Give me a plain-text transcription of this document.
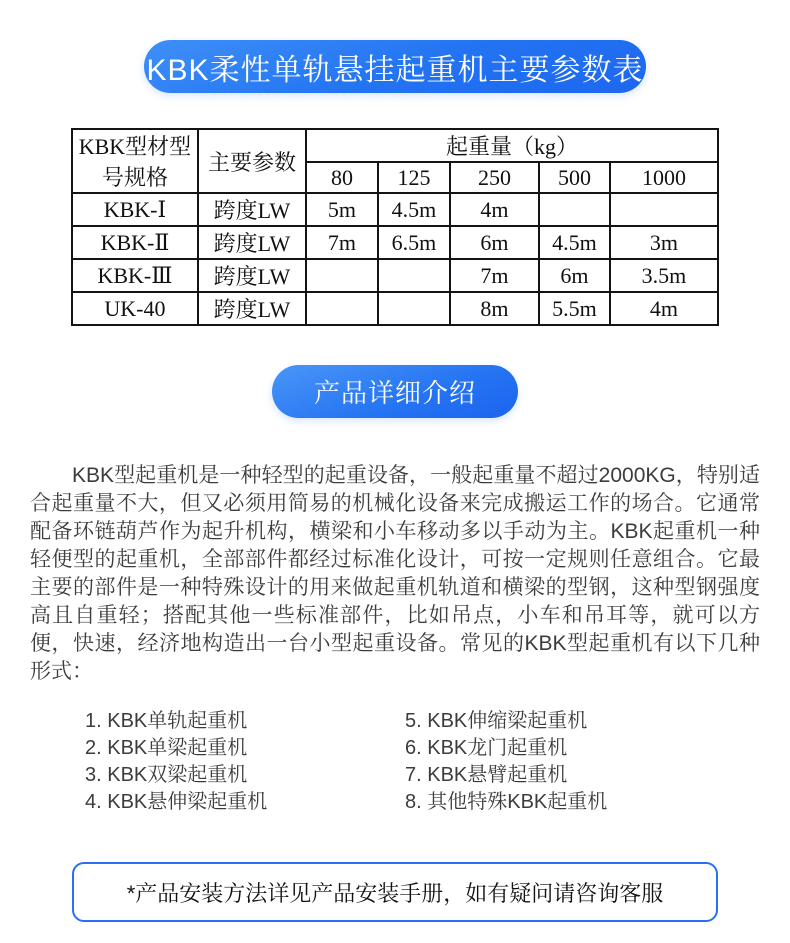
KBK柔性单轨悬挂起重机主要参数表
KBK型材型号规格	主要参数	起重量（kg）				
		80	125	250	500	1000
KBK-Ⅰ	跨度LW	5m	4.5m	4m		
KBK-Ⅱ	跨度LW	7m	6.5m	6m	4.5m	3m
KBK-Ⅲ	跨度LW			7m	6m	3.5m
UK-40	跨度LW			8m	5.5m	4m
产品详细介绍

KBK型起重机是一种轻型的起重设备，一般起重量不超过2000KG，特别适合起重量不大，但又必须用简易的机械化设备来完成搬运工作的场合。它通常配备环链葫芦作为起升机构，横梁和小车移动多以手动为主。KBK起重机一种轻便型的起重机，全部部件都经过标准化设计，可按一定规则任意组合。它最主要的部件是一种特殊设计的用来做起重机轨道和横梁的型钢，这种型钢强度高且自重轻；搭配其他一些标准部件，比如吊点，小车和吊耳等，就可以方便，快速，经济地构造出一台小型起重设备。常见的KBK型起重机有以下几种形式：

1. KBK单轨起重机
2. KBK单梁起重机
3. KBK双梁起重机
4. KBK悬伸梁起重机
5. KBK伸缩梁起重机
6. KBK龙门起重机
7. KBK悬臂起重机
8. 其他特殊KBK起重机
*产品安装方法详见产品安装手册，如有疑问请咨询客服
